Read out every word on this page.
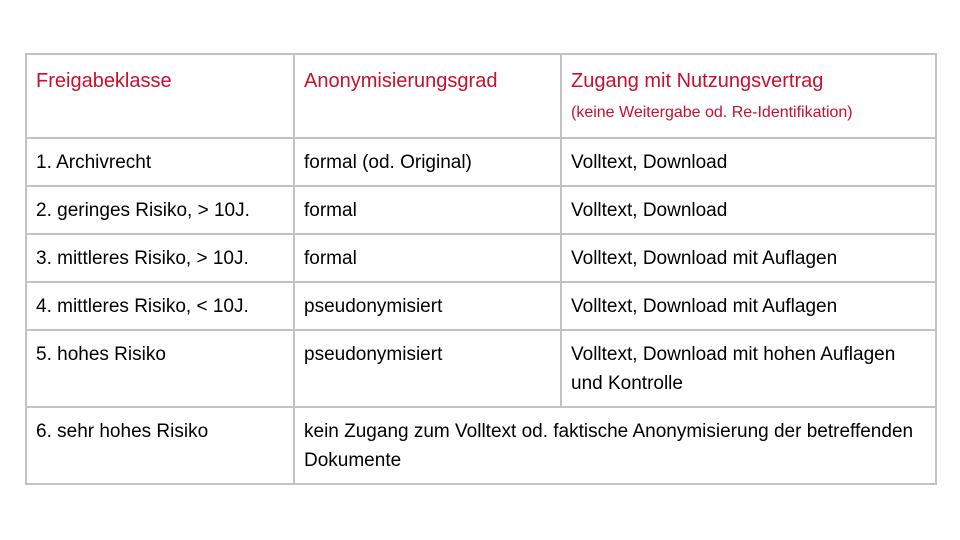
Freigabeklasse	Anonymisierungsgrad	Zugang mit Nutzungsvertrag
(keine Weitergabe od. Re-Identifikation)

1. Archivrecht	formal (od. Original)	Volltext, Download
2. geringes Risiko, > 10J.	formal	Volltext, Download
3. mittleres Risiko, > 10J.	formal	Volltext, Download mit Auflagen
4. mittleres Risiko, < 10J.	pseudonymisiert	Volltext, Download mit Auflagen
5. hohes Risiko	pseudonymisiert	Volltext, Download mit hohen Auflagen und Kontrolle
6. sehr hohes Risiko	kein Zugang zum Volltext od. faktische Anonymisierung der betreffenden Dokumente	
